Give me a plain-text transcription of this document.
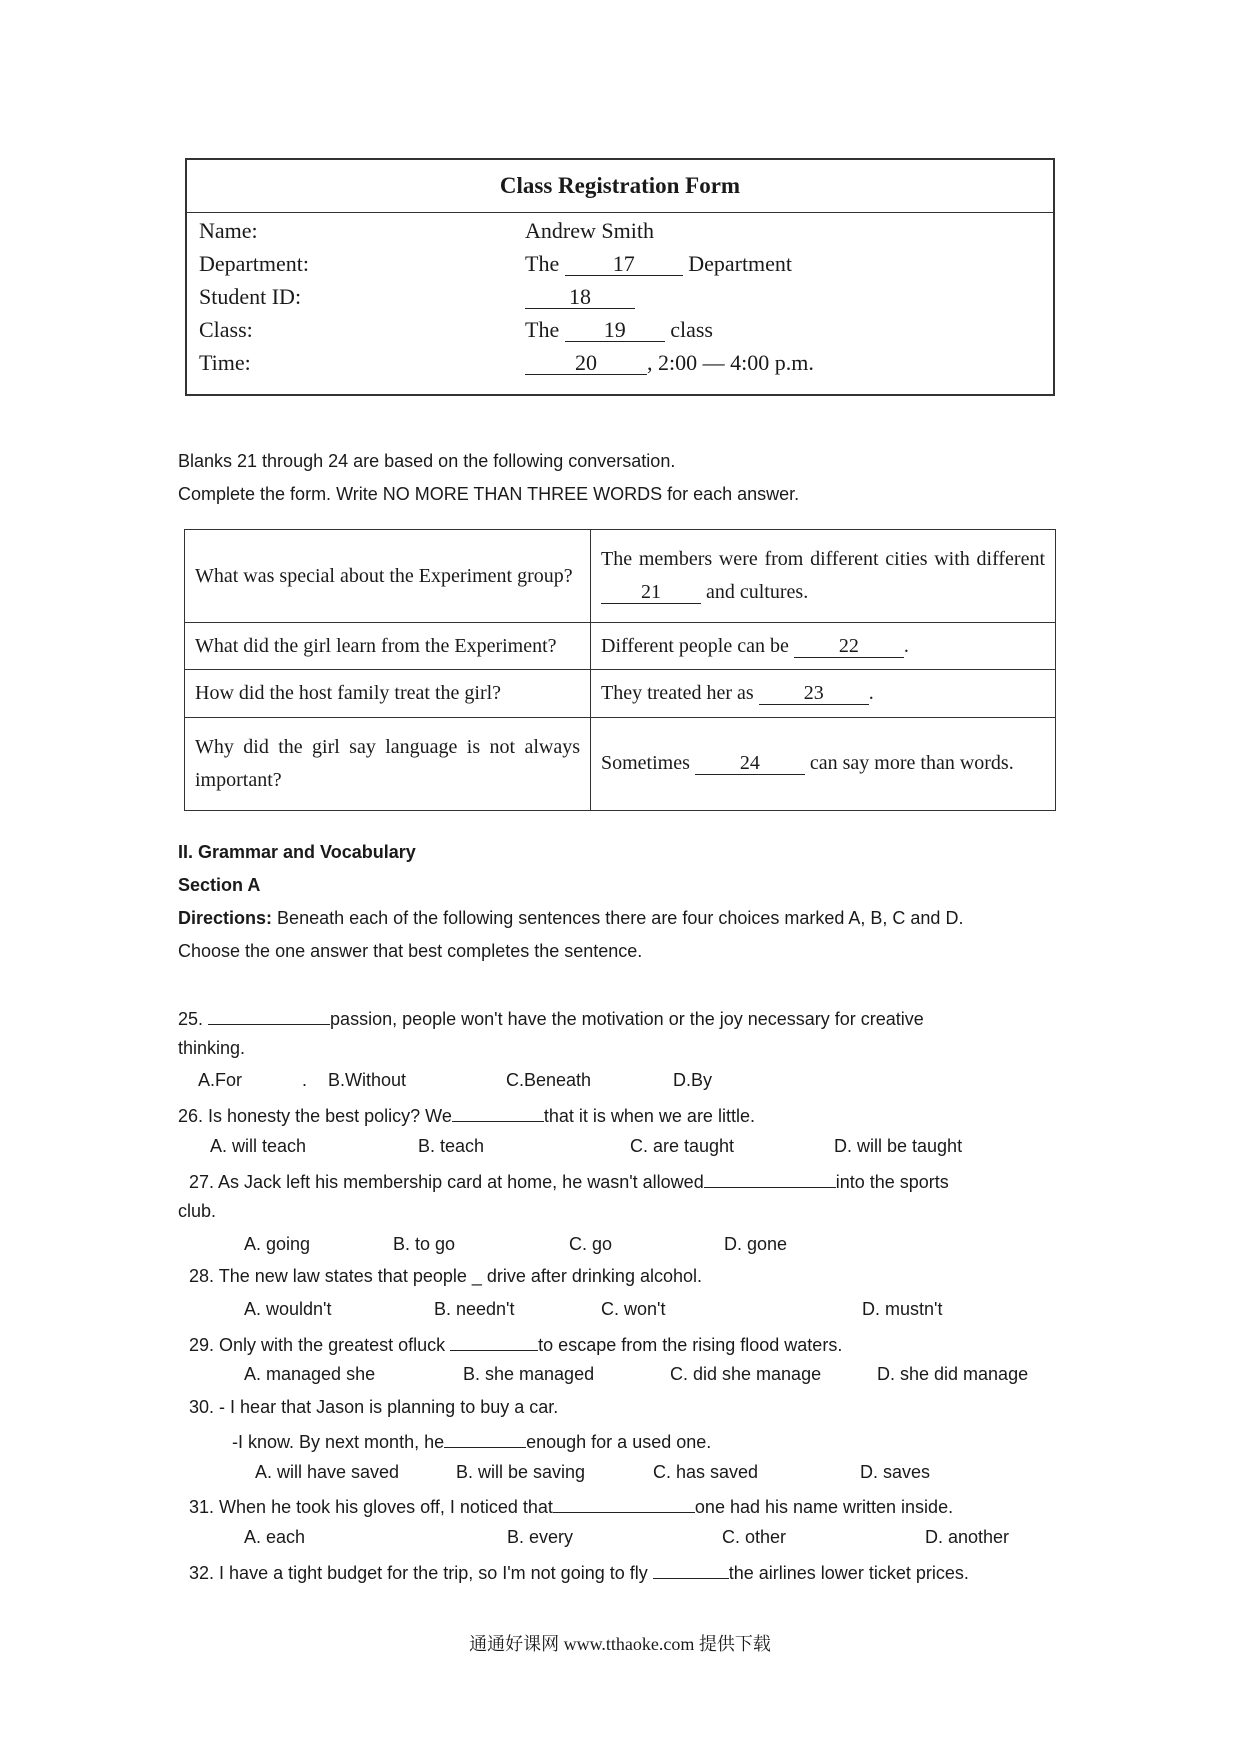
Class Registration Form
Name:	Andrew Smith
Department:	The 17 Department
Student ID:	18
Class:	The 19 class
Time:	20 , 2:00 — 4:00 p.m.
Blanks 21 through 24 are based on the following conversation.
Complete the form. Write NO MORE THAN THREE WORDS for each answer.
What was special about the Experiment group?	The members were from different cities with different 21 and cultures.
What did the girl learn from the Experiment?	Different people can be 22 .
How did the host family treat the girl?	They treated her as 23 .
Why did the girl say language is not always important?	Sometimes 24 can say more than words.
II. Grammar and Vocabulary
Section A
Directions: Beneath each of the following sentences there are four choices marked A, B, C and D.
Choose the one answer that best completes the sentence.
25.	passion, people won't have the motivation or the joy necessary for creative
thinking.
A.For	. B.Without	C.Beneath	D.By
26. Is honesty the best policy? We	that it is when we are little.
A. will teach	B. teach	C. are taught	D. will be taught
27. As Jack left his membership card at home, he wasn't allowed	into the sports
club.
A. going	B. to go	C. go	D. gone
28. The new law states that people _ drive after drinking alcohol.
A. wouldn't	B. needn't	C. won't	D. mustn't
29. Only with the greatest ofluck	to escape from the rising flood waters.
A. managed she	B. she managed	C. did she manage	D. she did manage
30. - I hear that Jason is planning to buy a car.
-I know. By next month, he	enough for a used one.
A. will have saved	B. will be saving	C. has saved	D. saves
31. When he took his gloves off, I noticed that	one had his name written inside.
A. each	B. every	C. other	D. another
32. I have a tight budget for the trip, so I'm not going to fly	the airlines lower ticket prices.
通通好课网 www.tthaoke.com 提供下载
